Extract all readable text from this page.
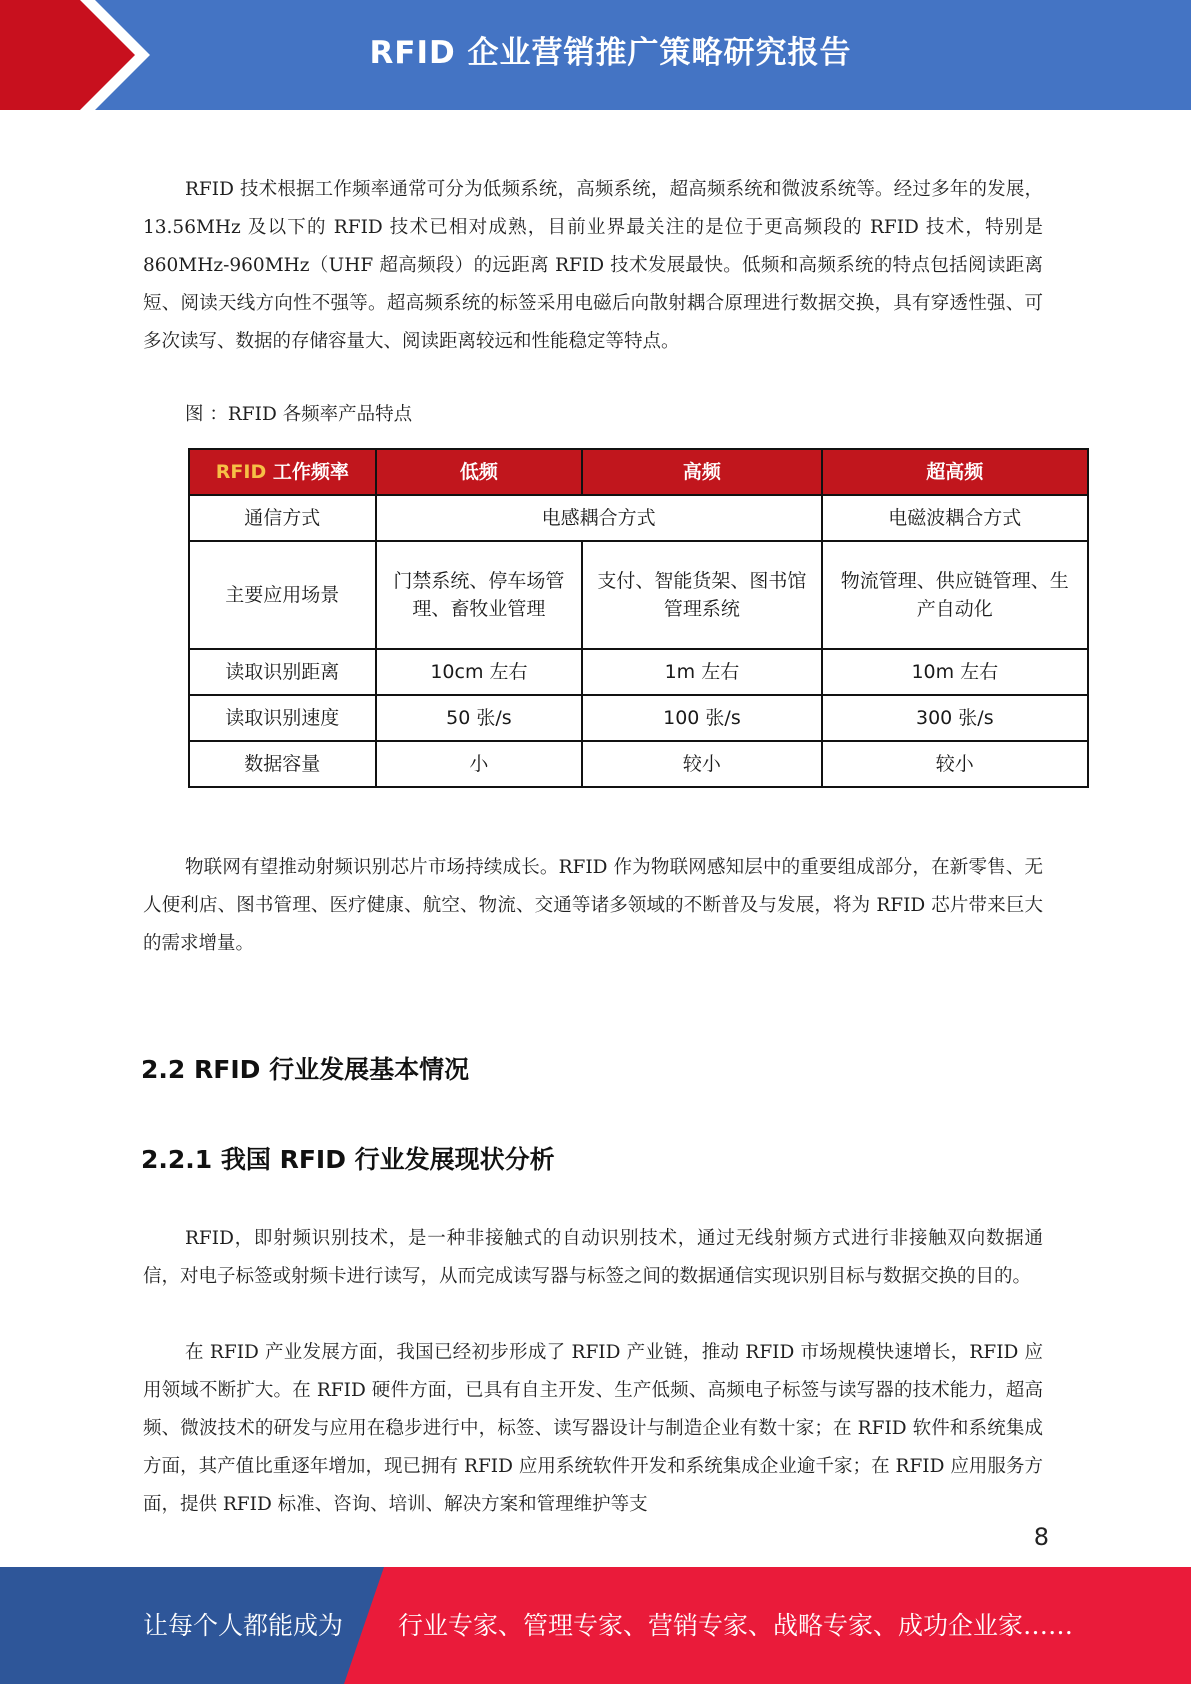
RFID 企业营销推广策略研究报告

RFID 技术根据工作频率通常可分为低频系统，高频系统，超高频系统和微波系统等。经过多年的发展，13.56MHz 及以下的 RFID 技术已相对成熟，目前业界最关注的是位于更高频段的 RFID 技术，特别是 860MHz-960MHz（UHF 超高频段）的远距离 RFID 技术发展最快。低频和高频系统的特点包括阅读距离短、阅读天线方向性不强等。超高频系统的标签采用电磁后向散射耦合原理进行数据交换，具有穿透性强、可多次读写、数据的存储容量大、阅读距离较远和性能稳定等特点。

图 ：RFID 各频率产品特点

RFID 工作频率	低频	高频	超高频
通信方式	电感耦合方式		电磁波耦合方式
主要应用场景	门禁系统、停车场管理、畜牧业管理	支付、智能货架、图书馆管理系统	物流管理、供应链管理、生产自动化
读取识别距离	10cm 左右	1m 左右	10m 左右
读取识别速度	50 张/s	100 张/s	300 张/s
数据容量	小	较小	较小

物联网有望推动射频识别芯片市场持续成长。RFID 作为物联网感知层中的重要组成部分，在新零售、无人便利店、图书管理、医疗健康、航空、物流、交通等诸多领域的不断普及与发展，将为 RFID 芯片带来巨大的需求增量。

2.2 RFID 行业发展基本情况
2.2.1 我国 RFID 行业发展现状分析

RFID，即射频识别技术，是一种非接触式的自动识别技术，通过无线射频方式进行非接触双向数据通信，对电子标签或射频卡进行读写，从而完成读写器与标签之间的数据通信实现识别目标与数据交换的目的。

在 RFID 产业发展方面，我国已经初步形成了 RFID 产业链，推动 RFID 市场规模快速增长，RFID 应用领域不断扩大。在 RFID 硬件方面，已具有自主开发、生产低频、高频电子标签与读写器的技术能力，超高频、微波技术的研发与应用在稳步进行中，标签、读写器设计与制造企业有数十家；在 RFID 软件和系统集成方面，其产值比重逐年增加，现已拥有 RFID 应用系统软件开发和系统集成企业逾千家；在 RFID 应用服务方面，提供 RFID 标准、咨询、培训、解决方案和管理维护等支

8
让每个人都能成为 行业专家、管理专家、营销专家、战略专家、成功企业家……
